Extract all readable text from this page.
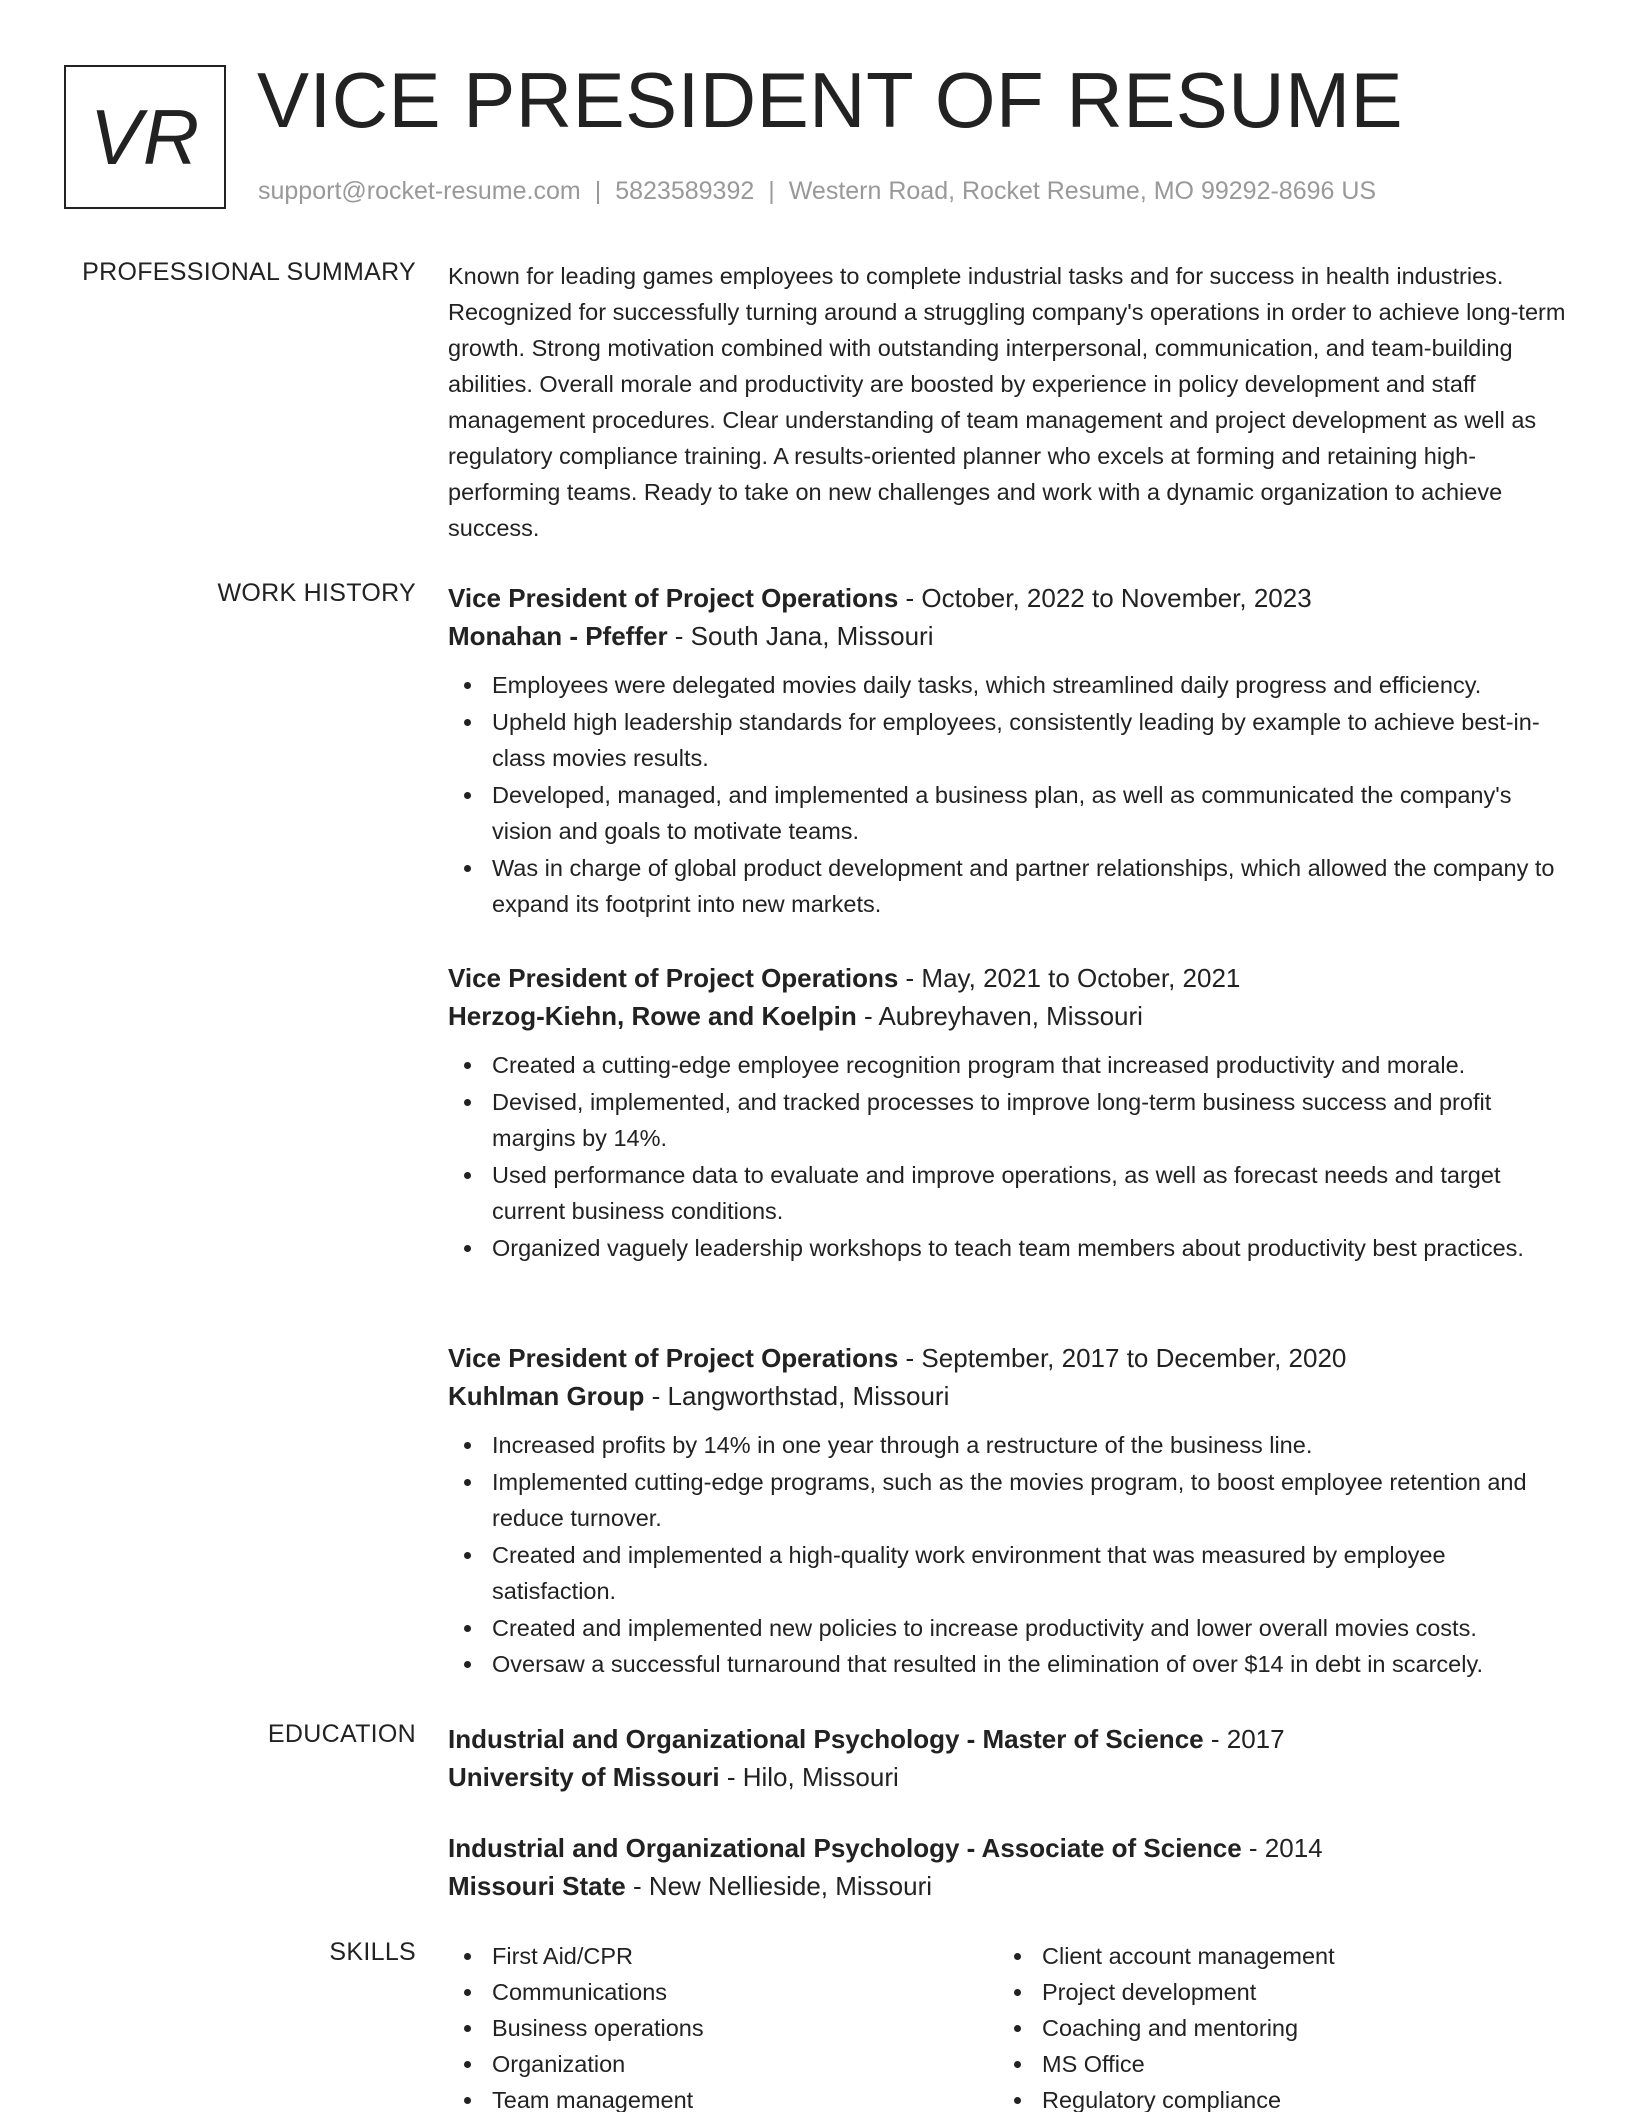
VR VICE PRESIDENT OF RESUME
support@rocket-resume.com | 5823589392 | Western Road, Rocket Resume, MO 99292-8696 US
PROFESSIONAL SUMMARY Known for leading games employees to complete industrial tasks and for success in health industries. Recognized for successfully turning around a struggling company's operations in order to achieve long-term growth. Strong motivation combined with outstanding interpersonal, communication, and team-building abilities. Overall morale and productivity are boosted by experience in policy development and staff management procedures. Clear understanding of team management and project development as well as regulatory compliance training. A results-oriented planner who excels at forming and retaining high-performing teams. Ready to take on new challenges and work with a dynamic organization to achieve success.
WORK HISTORY Vice President of Project Operations - October, 2022 to November, 2023
Monahan - Pfeffer - South Jana, Missouri
Employees were delegated movies daily tasks, which streamlined daily progress and efficiency.
Upheld high leadership standards for employees, consistently leading by example to achieve best-in-class movies results.
Developed, managed, and implemented a business plan, as well as communicated the company's vision and goals to motivate teams.
Was in charge of global product development and partner relationships, which allowed the company to expand its footprint into new markets.
Vice President of Project Operations - May, 2021 to October, 2021
Herzog-Kiehn, Rowe and Koelpin - Aubreyhaven, Missouri
Created a cutting-edge employee recognition program that increased productivity and morale.
Devised, implemented, and tracked processes to improve long-term business success and profit margins by 14%.
Used performance data to evaluate and improve operations, as well as forecast needs and target current business conditions.
Organized vaguely leadership workshops to teach team members about productivity best practices.
Vice President of Project Operations - September, 2017 to December, 2020
Kuhlman Group - Langworthstad, Missouri
Increased profits by 14% in one year through a restructure of the business line.
Implemented cutting-edge programs, such as the movies program, to boost employee retention and reduce turnover.
Created and implemented a high-quality work environment that was measured by employee satisfaction.
Created and implemented new policies to increase productivity and lower overall movies costs.
Oversaw a successful turnaround that resulted in the elimination of over $14 in debt in scarcely.
EDUCATION Industrial and Organizational Psychology - Master of Science - 2017
University of Missouri - Hilo, Missouri
Industrial and Organizational Psychology - Associate of Science - 2014
Missouri State - New Nellieside, Missouri
SKILLS	First Aid/CPR
Communications
Business operations
Organization
Team management
Client account management
Project development
Coaching and mentoring
MS Office
Regulatory compliance
